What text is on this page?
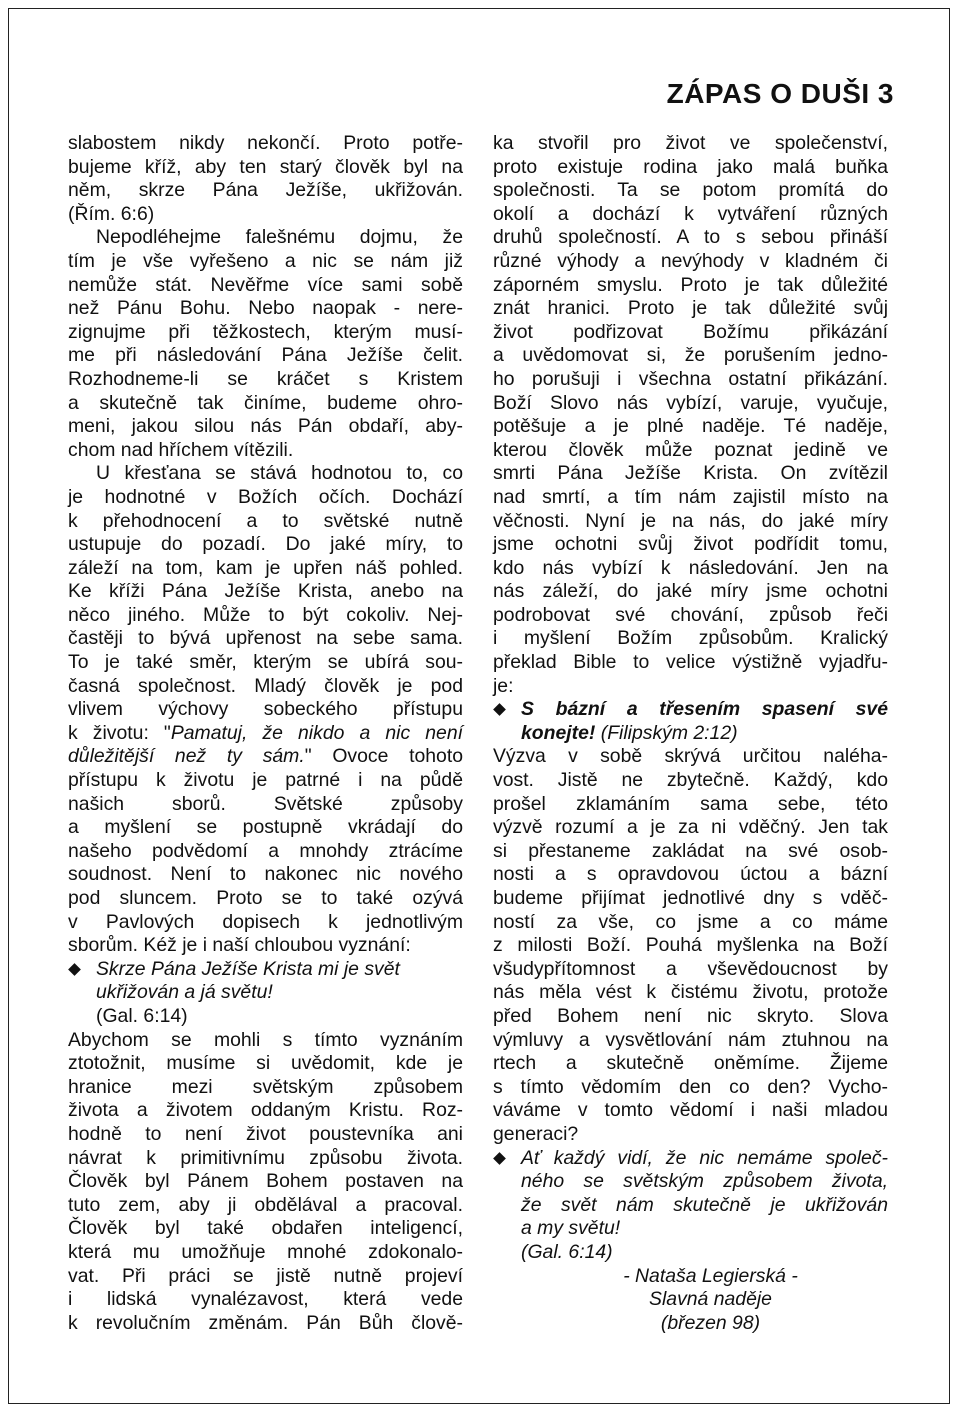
ZÁPAS O DUŠI 3
slabostem nikdy nekončí. Proto potře-
bujeme kříž, aby ten starý člověk byl na
něm, skrze Pána Ježíše, ukřižován.
(Řím. 6:6)
Nepodléhejme falešnému dojmu, že
tím je vše vyřešeno a nic se nám již
nemůže stát. Nevěřme více sami sobě
než Pánu Bohu. Nebo naopak - nere-
zignujme při těžkostech, kterým musí-
me při následování Pána Ježíše čelit.
Rozhodneme-li se kráčet s Kristem
a skutečně tak činíme, budeme ohro-
meni, jakou silou nás Pán obdaří, aby-
chom nad hříchem vítězili.
U křesťana se stává hodnotou to, co
je hodnotné v Božích očích. Dochází
k přehodnocení a to světské nutně
ustupuje do pozadí. Do jaké míry, to
záleží na tom, kam je upřen náš pohled.
Ke kříži Pána Ježíše Krista, anebo na
něco jiného. Může to být cokoliv. Nej-
častěji to bývá upřenost na sebe sama.
To je také směr, kterým se ubírá sou-
časná společnost. Mladý člověk je pod
vlivem výchovy sobeckého přístupu
k životu: "Pamatuj, že nikdo a nic není
důležitější než ty sám." Ovoce tohoto
přístupu k životu je patrné i na půdě
našich sborů. Světské způsoby
a myšlení se postupně vkrádají do
našeho podvědomí a mnohdy ztrácíme
soudnost. Není to nakonec nic nového
pod sluncem. Proto se to také ozývá
v Pavlových dopisech k jednotlivým
sborům. Kéž je i naší chloubou vyznání:
Skrze Pána Ježíše Krista mi je svět
ukřižován a já světu!
(Gal. 6:14)
Abychom se mohli s tímto vyznáním
ztotožnit, musíme si uvědomit, kde je
hranice mezi světským způsobem
života a životem oddaným Kristu. Roz-
hodně to není život poustevníka ani
návrat k primitivnímu způsobu života.
Člověk byl Pánem Bohem postaven na
tuto zem, aby ji obdělával a pracoval.
Člověk byl také obdařen inteligencí,
která mu umožňuje mnohé zdokonalo-
vat. Při práci se jistě nutně projeví
i lidská vynalézavost, která vede
k revolučním změnám. Pán Bůh člově-
ka stvořil pro život ve společenství,
proto existuje rodina jako malá buňka
společnosti. Ta se potom promítá do
okolí a dochází k vytváření různých
druhů společností. A to s sebou přináší
různé výhody a nevýhody v kladném či
záporném smyslu. Proto je tak důležité
znát hranici. Proto je tak důležité svůj
život podřizovat Božímu přikázání
a uvědomovat si, že porušením jedno-
ho porušuji i všechna ostatní přikázání.
Boží Slovo nás vybízí, varuje, vyučuje,
potěšuje a je plné naděje. Té naděje,
kterou člověk může poznat jedině ve
smrti Pána Ježíše Krista. On zvítězil
nad smrtí, a tím nám zajistil místo na
věčnosti. Nyní je na nás, do jaké míry
jsme ochotni svůj život podřídit tomu,
kdo nás vybízí k následování. Jen na
nás záleží, do jaké míry jsme ochotni
podrobovat své chování, způsob řeči
i myšlení Božím způsobům. Kralický
překlad Bible to velice výstižně vyjadřu-
je:
S bázní a třesením spasení své
konejte! (Filipským 2:12)
Výzva v sobě skrývá určitou naléha-
vost. Jistě ne zbytečně. Každý, kdo
prošel zklamáním sama sebe, této
výzvě rozumí a je za ni vděčný. Jen tak
si přestaneme zakládat na své osob-
nosti a s opravdovou úctou a bázní
budeme přijímat jednotlivé dny s vděč-
ností za vše, co jsme a co máme
z milosti Boží. Pouhá myšlenka na Boží
všudypřítomnost a vševědoucnost by
nás měla vést k čistému životu, protože
před Bohem není nic skryto. Slova
výmluvy a vysvětlování nám ztuhnou na
rtech a skutečně oněmíme. Žijeme
s tímto vědomím den co den? Vycho-
váváme v tomto vědomí i naši mladou
generaci?
Ať každý vidí, že nic nemáme společ-
ného se světským způsobem života,
že svět nám skutečně je ukřižován
a my světu!
(Gal. 6:14)
- Nataša Legierská -
Slavná naděje
(březen 98)
